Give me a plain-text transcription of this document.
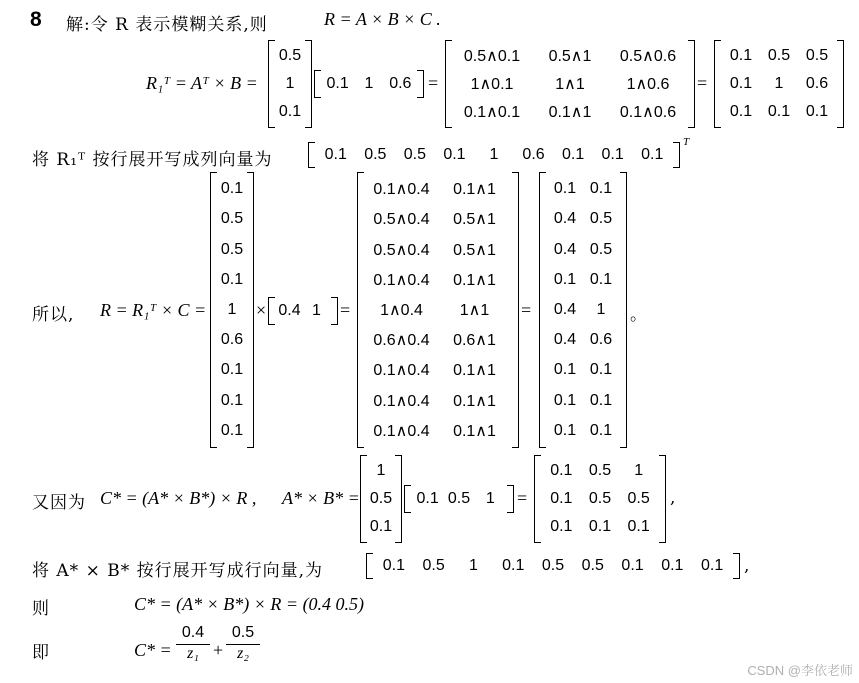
8 解:令 R 表示模糊关系,则	R = A × B × C .
R₁ᵀ = Aᵀ × B =
0.5
1
0.1
0.1 1 0.6 =
0.5∧0.1 0.5∧1 0.5∧0.6
1∧0.1	1∧1	1∧0.6
0.1∧0.1 0.1∧1 0.1∧0.6
=
0.1 0.5 0.5
0.1 1 0.6
0.1 0.1 0.1
将 R₁ᵀ 按行展开写成列向量为	0.1 0.5 0.5 0.1 1 0.6 0.1 0.1 0.1
T
所以, R = R₁ᵀ × C =
0.1
0.5
0.5
0.1
1
0.6
0.1
0.1
0.1
× 0.4 1 =
0.1∧0.4 0.1∧1
0.5∧0.4 0.5∧1
0.5∧0.4 0.5∧1
0.1∧0.4 0.1∧1
1∧0.4 1∧1
0.6∧0.4 0.6∧1
0.1∧0.4 0.1∧1
0.1∧0.4 0.1∧1
0.1∧0.4 0.1∧1
=
0.1 0.1
0.4 0.5
0.4 0.5
0.1 0.1
0.4 1
0.4 0.6
0.1 0.1
0.1 0.1
0.1 0.1
。
又因为 C* = (A* × B*) × R , A* × B* =
1
0.5
0.1
0.1 0.5 1 =
0.1 0.5 1
0.1 0.5 0.5
0.1 0.1 0.1
,
将 A* × B* 按行展开写成行向量,为	0.1 0.5 1 0.1 0.5 0.5 0.1 0.1 0.1 ,
则	C* = (A* × B*) × R = (0.4 0.5)
即	$C* = \frac{0.4}{\text{z₁}} + \frac{0.5}{\text{z₂}}$
CSDN @李依老师
